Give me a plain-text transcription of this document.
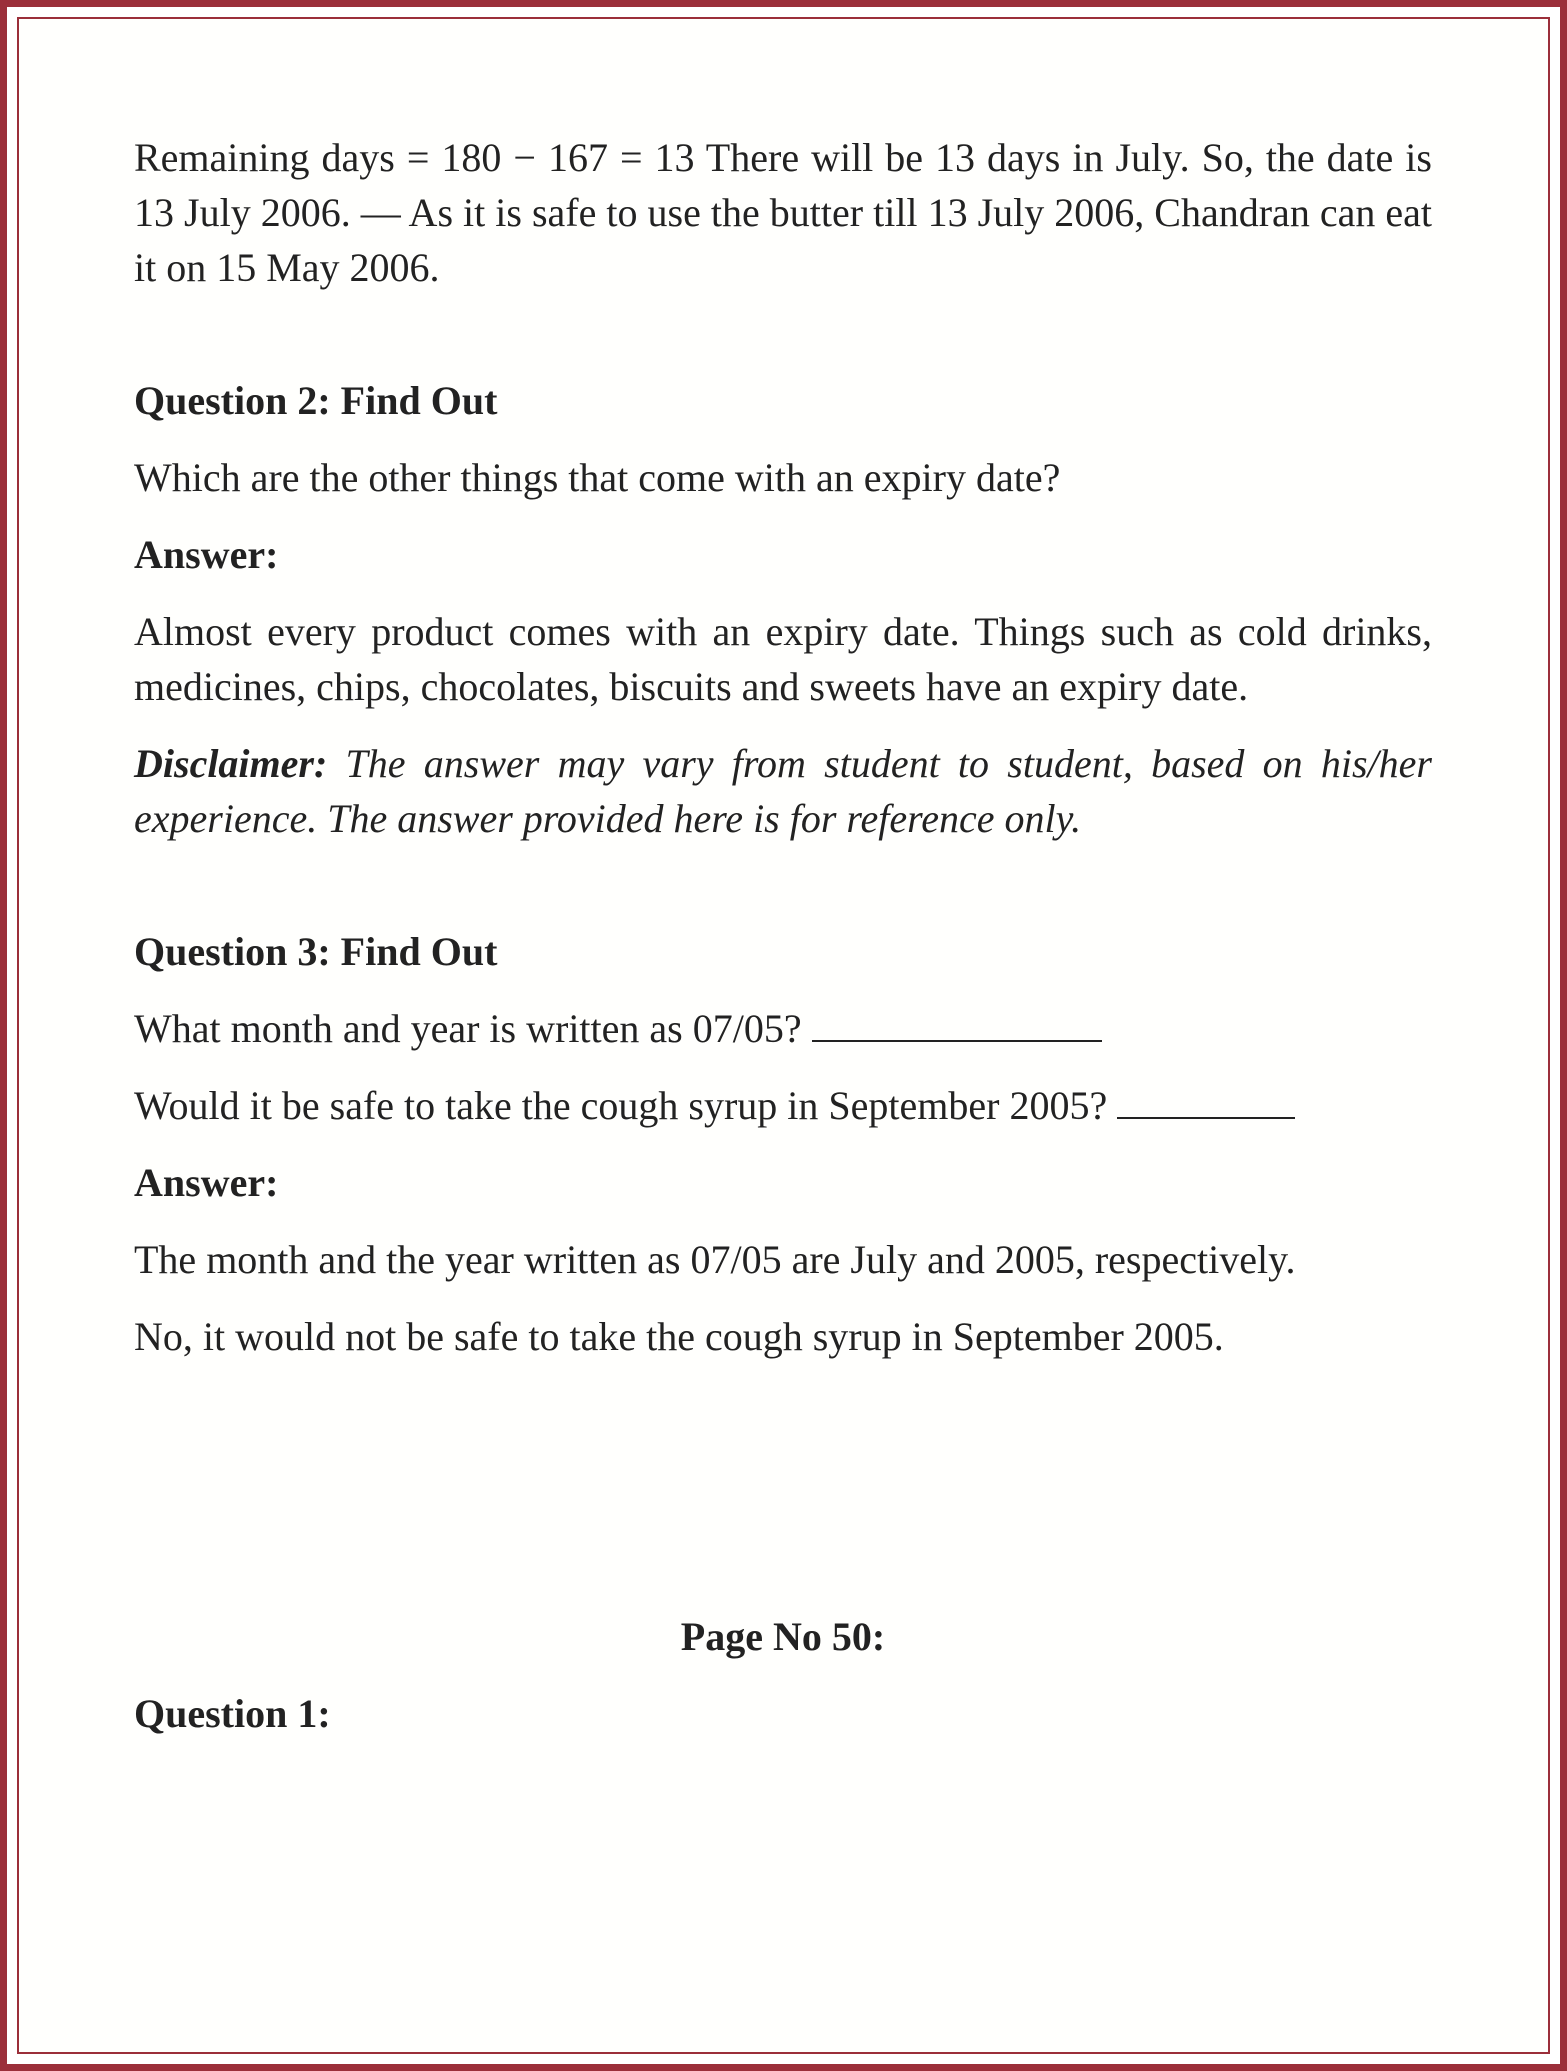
Remaining days = 180 − 167 = 13 There will be 13 days in July. So, the date is 13 July 2006. — As it is safe to use the butter till 13 July 2006, Chandran can eat it on 15 May 2006.

Question 2: Find Out

Which are the other things that come with an expiry date?

Answer:

Almost every product comes with an expiry date. Things such as cold drinks, medicines, chips, chocolates, biscuits and sweets have an expiry date.

Disclaimer: The answer may vary from student to student, based on his/her experience. The answer provided here is for reference only.

Question 3: Find Out

What month and year is written as 07/05?

Would it be safe to take the cough syrup in September 2005?

Answer:

The month and the year written as 07/05 are July and 2005, respectively.

No, it would not be safe to take the cough syrup in September 2005.

Page No 50:

Question 1:
